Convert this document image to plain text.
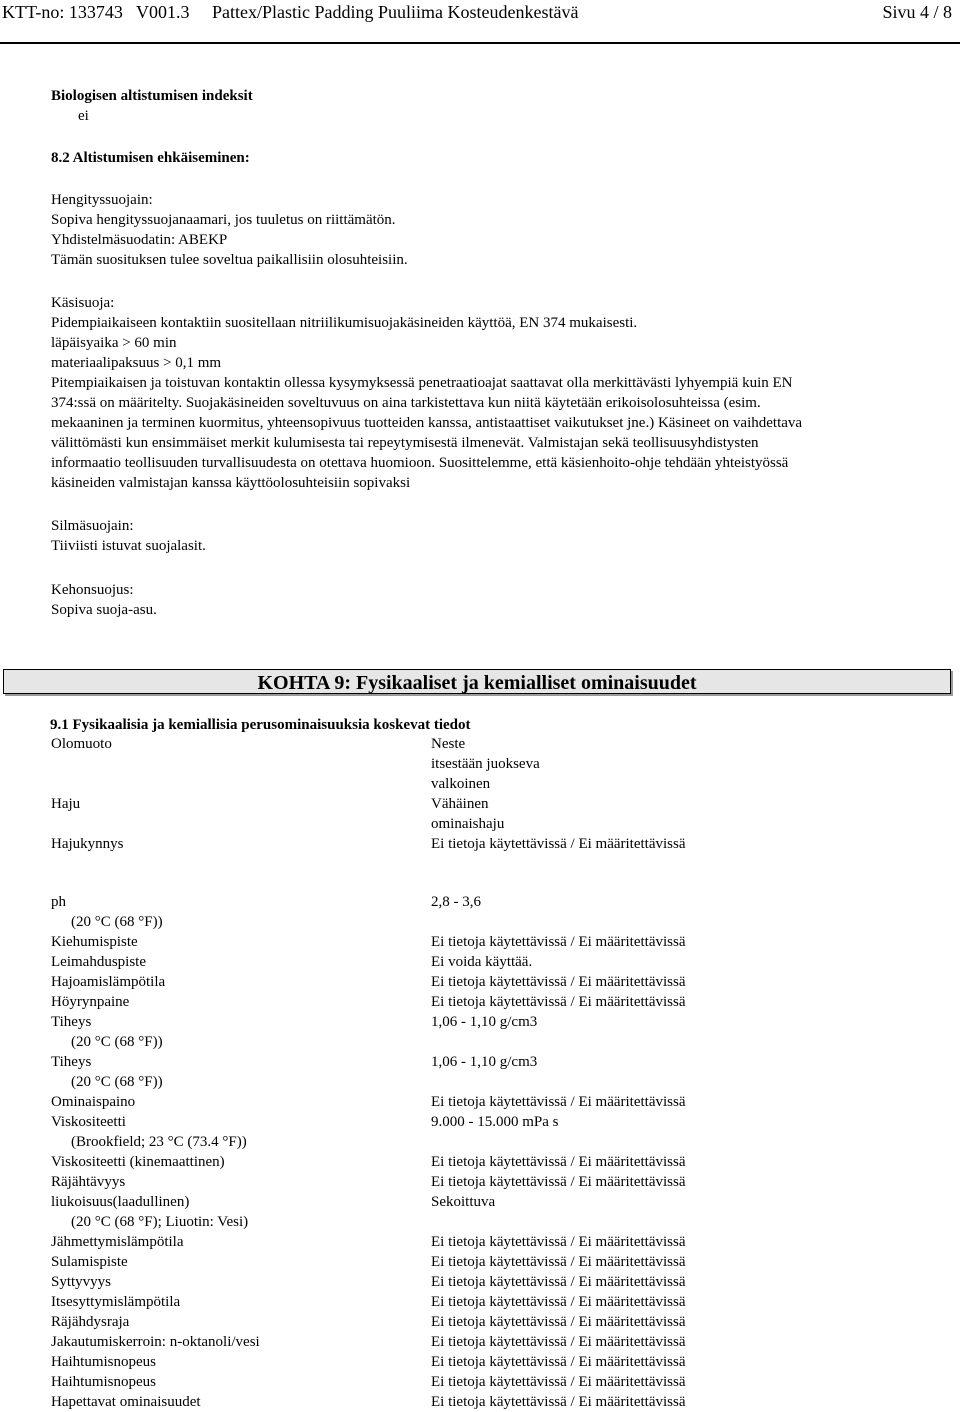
KTT-no: 133743   V001.3     Pattex/Plastic Padding Puuliima Kosteudenkestävä	Sivu 4 / 8
Biologisen altistumisen indeksit
ei
8.2 Altistumisen ehkäiseminen:
Hengityssuojain:
Sopiva hengityssuojanaamari, jos tuuletus on riittämätön.
Yhdistelmäsuodatin: ABEKP
Tämän suosituksen tulee soveltua paikallisiin olosuhteisiin.
Käsisuoja:
Pidempiaikaiseen kontaktiin suositellaan nitriilikumisuojakäsineiden käyttöä, EN 374 mukaisesti.
läpäisyaika > 60 min
materiaalipaksuus > 0,1 mm
Pitempiaikaisen ja toistuvan kontaktin ollessa kysymyksessä penetraatioajat saattavat olla merkittävästi lyhyempiä kuin EN
374:ssä on määritelty. Suojakäsineiden soveltuvuus on aina tarkistettava kun niitä käytetään erikoisolosuhteissa (esim.
mekaaninen ja terminen kuormitus, yhteensopivuus tuotteiden kanssa, antistaattiset vaikutukset jne.) Käsineet on vaihdettava
välittömästi kun ensimmäiset merkit kulumisesta tai repeytymisestä ilmenevät. Valmistajan sekä teollisuusyhdistysten
informaatio teollisuuden turvallisuudesta on otettava huomioon. Suosittelemme, että käsienhoito-ohje tehdään yhteistyössä
käsineiden valmistajan kanssa käyttöolosuhteisiin sopivaksi
Silmäsuojain:
Tiiviisti istuvat suojalasit.
Kehonsuojus:
Sopiva suoja-asu.
KOHTA 9: Fysikaaliset ja kemialliset ominaisuudet
9.1 Fysikaalisia ja kemiallisia perusominaisuuksia koskevat tiedot
Olomuoto	Neste
itsestään juokseva
valkoinen
Haju	Vähäinen
ominaishaju
Hajukynnys	Ei tietoja käytettävissä / Ei määritettävissä
ph	2,8 - 3,6
(20 °C (68 °F))
Kiehumispiste	Ei tietoja käytettävissä / Ei määritettävissä
Leimahduspiste	Ei voida käyttää.
Hajoamislämpötila	Ei tietoja käytettävissä / Ei määritettävissä
Höyrynpaine	Ei tietoja käytettävissä / Ei määritettävissä
Tiheys	1,06 - 1,10 g/cm3
(20 °C (68 °F))
Tiheys	1,06 - 1,10 g/cm3
(20 °C (68 °F))
Ominaispaino	Ei tietoja käytettävissä / Ei määritettävissä
Viskositeetti	9.000 - 15.000 mPa s
(Brookfield; 23 °C (73.4 °F))
Viskositeetti (kinemaattinen)	Ei tietoja käytettävissä / Ei määritettävissä
Räjähtävyys	Ei tietoja käytettävissä / Ei määritettävissä
liukoisuus(laadullinen)	Sekoittuva
(20 °C (68 °F); Liuotin: Vesi)
Jähmettymislämpötila	Ei tietoja käytettävissä / Ei määritettävissä
Sulamispiste	Ei tietoja käytettävissä / Ei määritettävissä
Syttyvyys	Ei tietoja käytettävissä / Ei määritettävissä
Itsesyttymislämpötila	Ei tietoja käytettävissä / Ei määritettävissä
Räjähdysraja	Ei tietoja käytettävissä / Ei määritettävissä
Jakautumiskerroin: n-oktanoli/vesi	Ei tietoja käytettävissä / Ei määritettävissä
Haihtumisnopeus	Ei tietoja käytettävissä / Ei määritettävissä
Haihtumisnopeus	Ei tietoja käytettävissä / Ei määritettävissä
Hapettavat ominaisuudet	Ei tietoja käytettävissä / Ei määritettävissä
